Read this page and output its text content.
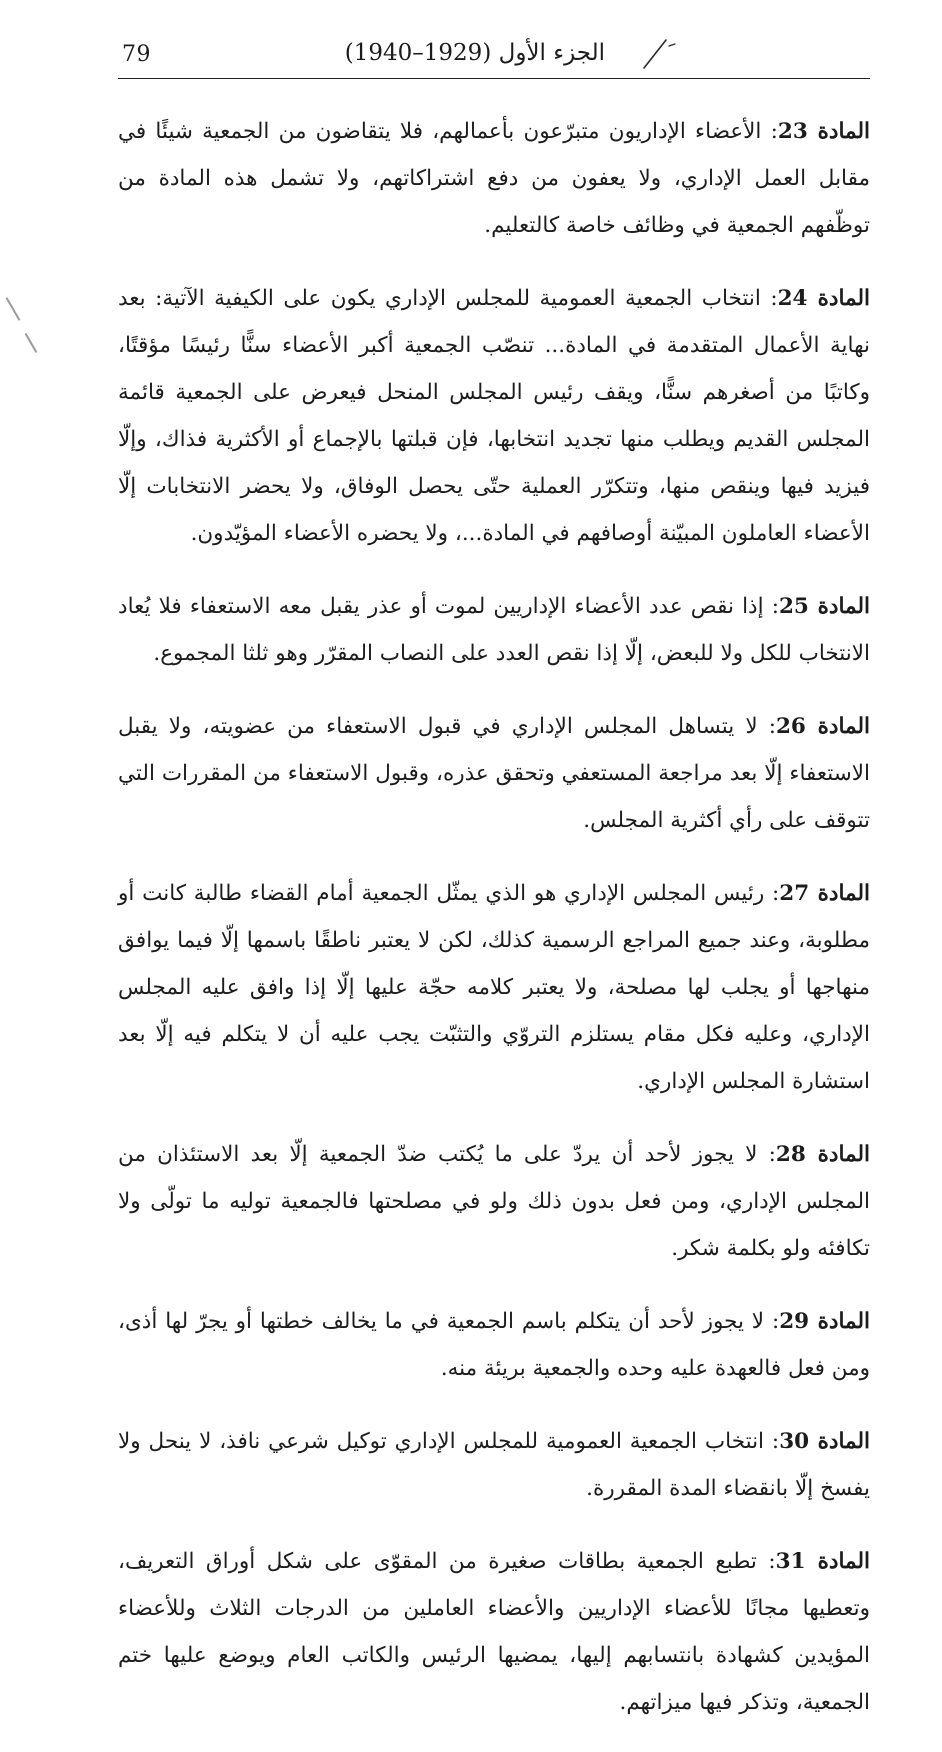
79	الجزء الأول (1929–1940)

المادة 23: الأعضاء الإداريون متبرّعون بأعمالهم، فلا يتقاضون من الجمعية شيئًا في مقابل العمل الإداري، ولا يعفون من دفع اشتراكاتهم، ولا تشمل هذه المادة من توظّفهم الجمعية في وظائف خاصة كالتعليم.

المادة 24: انتخاب الجمعية العمومية للمجلس الإداري يكون على الكيفية الآتية: بعد نهاية الأعمال المتقدمة في المادة... تنصّب الجمعية أكبر الأعضاء سنًّا رئيسًا مؤقتًا، وكاتبًا من أصغرهم سنًّا، ويقف رئيس المجلس المنحل فيعرض على الجمعية قائمة المجلس القديم ويطلب منها تجديد انتخابها، فإن قبلتها بالإجماع أو الأكثرية فذاك، وإلّا فيزيد فيها وينقص منها، وتتكرّر العملية حتّى يحصل الوفاق، ولا يحضر الانتخابات إلّا الأعضاء العاملون المبيّنة أوصافهم في المادة...، ولا يحضره الأعضاء المؤيّدون.

المادة 25: إذا نقص عدد الأعضاء الإداريين لموت أو عذر يقبل معه الاستعفاء فلا يُعاد الانتخاب للكل ولا للبعض، إلّا إذا نقص العدد على النصاب المقرّر وهو ثلثا المجموع.

المادة 26: لا يتساهل المجلس الإداري في قبول الاستعفاء من عضويته، ولا يقبل الاستعفاء إلّا بعد مراجعة المستعفي وتحقق عذره، وقبول الاستعفاء من المقررات التي تتوقف على رأي أكثرية المجلس.

المادة 27: رئيس المجلس الإداري هو الذي يمثّل الجمعية أمام القضاء طالبة كانت أو مطلوبة، وعند جميع المراجع الرسمية كذلك، لكن لا يعتبر ناطقًا باسمها إلّا فيما يوافق منهاجها أو يجلب لها مصلحة، ولا يعتبر كلامه حجّة عليها إلّا إذا وافق عليه المجلس الإداري، وعليه فكل مقام يستلزم التروّي والتثبّت يجب عليه أن لا يتكلم فيه إلّا بعد استشارة المجلس الإداري.

المادة 28: لا يجوز لأحد أن يردّ على ما يُكتب ضدّ الجمعية إلّا بعد الاستئذان من المجلس الإداري، ومن فعل بدون ذلك ولو في مصلحتها فالجمعية توليه ما تولّى ولا تكافئه ولو بكلمة شكر.

المادة 29: لا يجوز لأحد أن يتكلم باسم الجمعية في ما يخالف خطتها أو يجرّ لها أذى، ومن فعل فالعهدة عليه وحده والجمعية بريئة منه.

المادة 30: انتخاب الجمعية العمومية للمجلس الإداري توكيل شرعي نافذ، لا ينحل ولا يفسخ إلّا بانقضاء المدة المقررة.

المادة 31: تطبع الجمعية بطاقات صغيرة من المقوّى على شكل أوراق التعريف، وتعطيها مجانًا للأعضاء الإداريين والأعضاء العاملين من الدرجات الثلاث وللأعضاء المؤيدين كشهادة بانتسابهم إليها، يمضيها الرئيس والكاتب العام ويوضع عليها ختم الجمعية، وتذكر فيها ميزاتهم.
